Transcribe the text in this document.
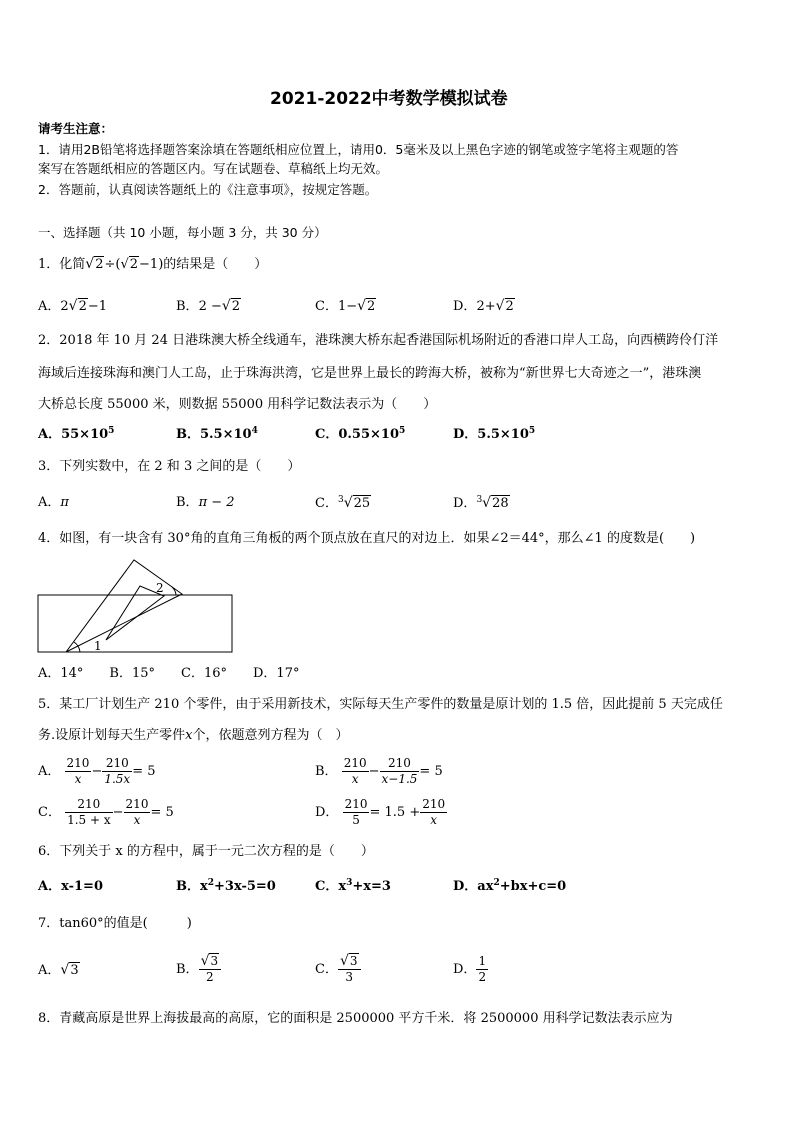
2021-2022中考数学模拟试卷
请考生注意：
1．请用2B铅笔将选择题答案涂填在答题纸相应位置上，请用0．5毫米及以上黑色字迹的钢笔或签字笔将主观题的答
案写在答题纸相应的答题区内。写在试题卷、草稿纸上均无效。
2．答题前，认真阅读答题纸上的《注意事项》，按规定答题。
一、选择题（共 10 小题，每小题 3 分，共 30 分）
1．化简√2÷(√2−1)的结果是（　　）
A．2√2−1	B．2 −√2	C．1−√2	D．2+√2
2．2018 年 10 月 24 日港珠澳大桥全线通车，港珠澳大桥东起香港国际机场附近的香港口岸人工岛，向西横跨伶仃洋
海域后连接珠海和澳门人工岛，止于珠海洪湾，它是世界上最长的跨海大桥，被称为“新世界七大奇迹之一”，港珠澳
大桥总长度 55000 米，则数据 55000 用科学记数法表示为（　　）
A．$55\times 10^5$	B．$5.5\times 10^4$	C．$0.55\times 10^5$	D．$5.5\times 10^5$
3．下列实数中，在 2 和 3 之间的是（　　）
A．π	B．π − 2	C．$^3$√25	D．$^3$√28
4．如图，有一块含有 30°角的直角三角板的两个顶点放在直尺的对边上．如果∠2＝44°，那么∠1 的度数是(　　)
1
2
A．14°　　B．15°　　C．16°　　D．17°
5．某工厂计划生产 210 个零件，由于采用新技术，实际每天生产零件的数量是原计划的 1.5 倍，因此提前 5 天完成任
务.设原计划每天生产零件x个，依题意列方程为（　）
A． $\frac{210}{x} - \frac{210}{1.5x} = 5$	B． $\frac{210}{x} - \frac{210}{x-1.5} = 5$
C． $\frac{210}{1.5 + x} - \frac{210}{x} = 5$	D． $\frac{210}{5} = 1.5 + \frac{210}{x}$
6．下列关于 x 的方程中，属于一元二次方程的是（　　）
A．x-1=0	B．$x^2+3x-5=0$	C．$x^3+x=3$	D．$ax^2+bx+c=0$
7．tan60°的值是(　　　)
A．√3	B． $\frac{√3}{2}$	C． $\frac{√3}{3}$	D． $\frac{1}{2}$
8．青藏高原是世界上海拔最高的高原，它的面积是 2500000 平方千米．将 2500000 用科学记数法表示应为
